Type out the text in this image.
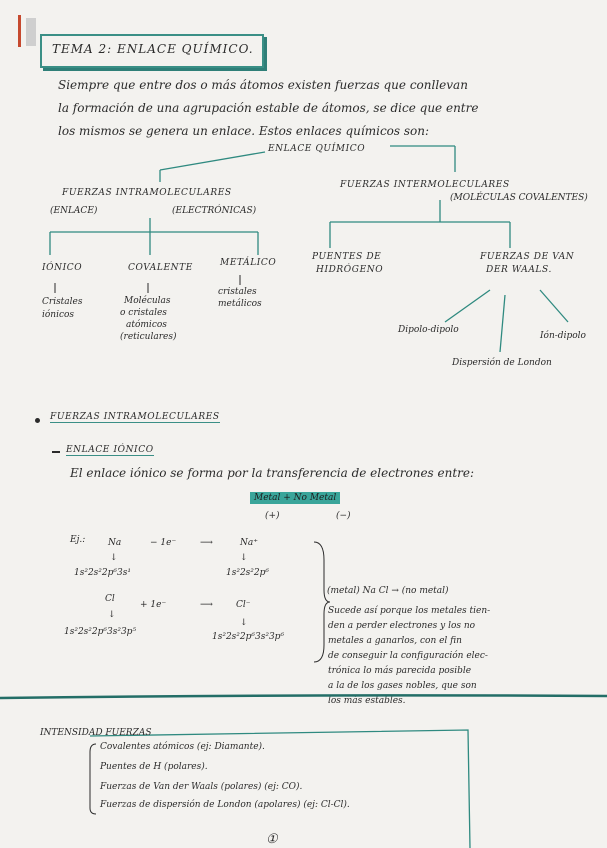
TEMA 2: ENLACE QUÍMICO.
Siempre que entre dos o más átomos existen fuerzas que conllevan
la formación de una agrupación estable de átomos, se dice que entre
los mismos se genera un enlace. Estos enlaces químicos son:
ENLACE QUÍMICO
FUERZAS INTRAMOLECULARES
(ENLACE)	(ELECTRÓNICAS)
FUERZAS INTERMOLECULARES
(MOLÉCULAS COVALENTES)
IÓNICO
Cristales iónicos
COVALENTE
Moléculas
o cristales
atómicos
(reticulares)
METÁLICO
cristales
metálicos
PUENTES DE
HIDRÓGENO
FUERZAS DE VAN
DER WAALS.
Dipolo-dipolo
Ión-dipolo
Dispersión de London
FUERZAS INTRAMOLECULARES
ENLACE IÓNICO
El enlace iónico se forma por la transferencia de electrones entre:
Metal + No Metal
(+)	(−)
Ej.:	Na	− 1e⁻	⟶	Na⁺
↓	↓
1s²2s²2p⁶3s¹	1s²2s²2p⁶
Cl
+ 1e⁻	⟶	Cl⁻
↓
↓
1s²2s²2p⁶3s²3p⁵	1s²2s²2p⁶3s²3p⁶
(metal) Na Cl → (no metal)
Sucede así porque los metales tien-
den a perder electrones y los no
metales a ganarlos, con el fin
de conseguir la configuración elec-
trónica lo más parecida posible
a la de los gases nobles, que son
los más estables.
INTENSIDAD FUERZAS
Covalentes atómicos (ej: Diamante).
Puentes de H (polares).
Fuerzas de Van der Waals (polares) (ej: CO).
Fuerzas de dispersión de London (apolares) (ej: Cl-Cl).
①
